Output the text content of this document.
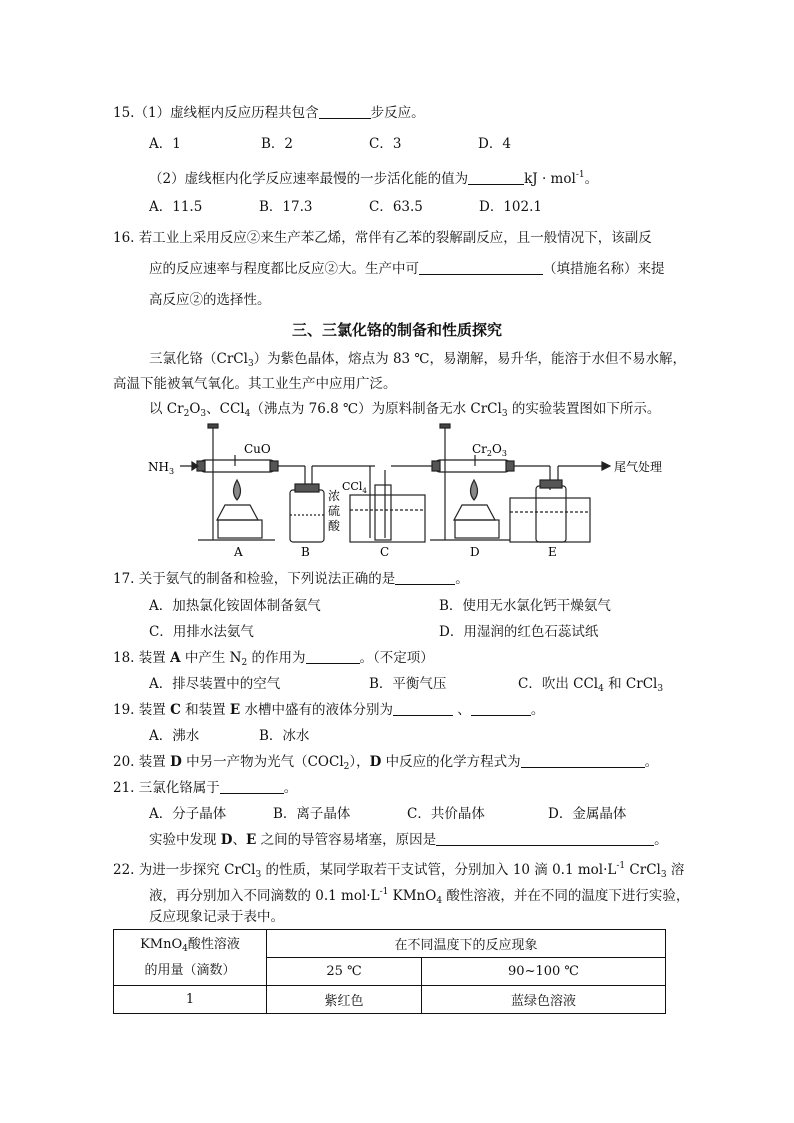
15.（1）虚线框内反应历程共包含	步反应。
A．1	B．2	C．3	D．4
（2）虚线框内化学反应速率最慢的一步活化能的值为	kJ · mol$^{-1}$。
A．11.5	B．17.3	C．63.5	D．102.1
16. 若工业上采用反应②来生产苯乙烯，常伴有乙苯的裂解副反应，且一般情况下，该副反
应的反应速率与程度都比反应②大。生产中可	（填措施名称）来提
高反应②的选择性。
三、三氯化铬的制备和性质探究
三氯化铬（CrCl$_3$）为紫色晶体，熔点为 83 ℃，易潮解，易升华，能溶于水但不易水解，
高温下能被氧气氧化。其工业生产中应用广泛。
以 $Cr_2O_3$、CCl$_4$（沸点为 76.8 ℃）为原料制备无水 CrCl$_3$ 的实验装置图如下所示。
$NH_3$
CuO
CCl$_4$
浓
硫
酸
$Cr_2O_3$
尾气处理
A	B	C	D	E
17. 关于氨气的制备和检验，下列说法正确的是	。
A．加热氯化铵固体制备氨气	B．使用无水氯化钙干燥氨气
C．用排水法氨气	D．用湿润的红色石蕊试纸
18. 装置 A 中产生 $N_2$ 的作用为	。（不定项）
A．排尽装置中的空气	B．平衡气压	C．吹出 CCl$_4$ 和 CrCl$_3$
19. 装置 C 和装置 E 水槽中盛有的液体分别为	、	。
A．沸水	B．冰水
20. 装置 D 中另一产物为光气（COCl$_2$），D 中反应的化学方程式为	。
21. 三氯化铬属于	。
A．分子晶体	B．离子晶体	C．共价晶体	D．金属晶体
实验中发现 D、E 之间的导管容易堵塞，原因是	。
22. 为进一步探究 CrCl$_3$ 的性质，某同学取若干支试管，分别加入 10 滴 0.1 $mol\cdot L^{-1}$ CrCl$_3$ 溶
液，再分别加入不同滴数的 0.1 $mol\cdot L^{-1}$ KMnO$_4$ 酸性溶液，并在不同的温度下进行实验，
反应现象记录于表中。
KMnO$_4$酸性溶液
的用量（滴数）	在不同温度下的反应现象	
	25 ℃	90~100 ℃
1	紫红色	蓝绿色溶液
